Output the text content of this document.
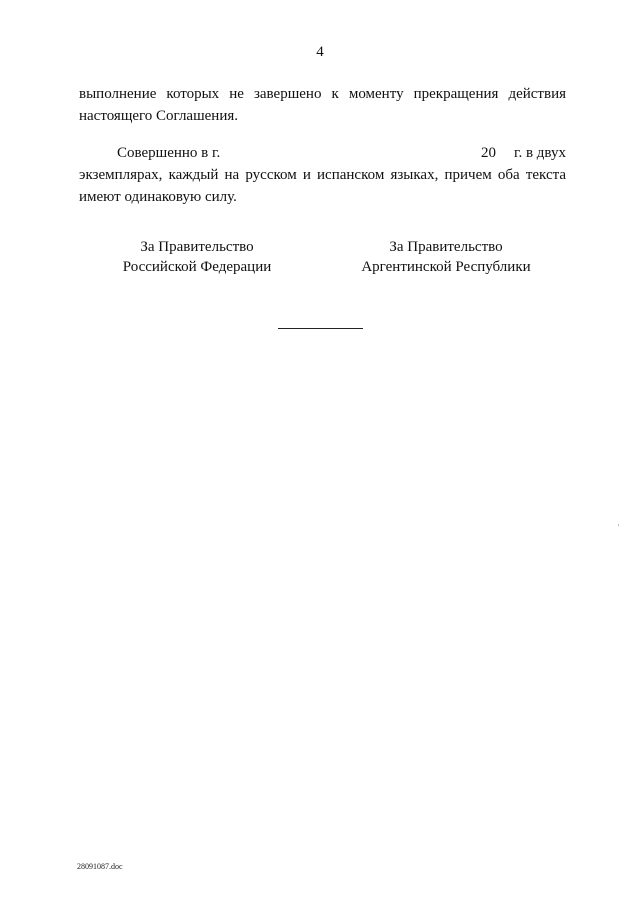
4
выполнение которых не завершено к моменту прекращения действия настоящего Соглашения.
Совершенно в г.	20 г. в двух
экземплярах, каждый на русском и испанском языках, причем оба текста имеют одинаковую силу.
За Правительство
Российской Федерации
За Правительство
Аргентинской Республики
28091087.doc
